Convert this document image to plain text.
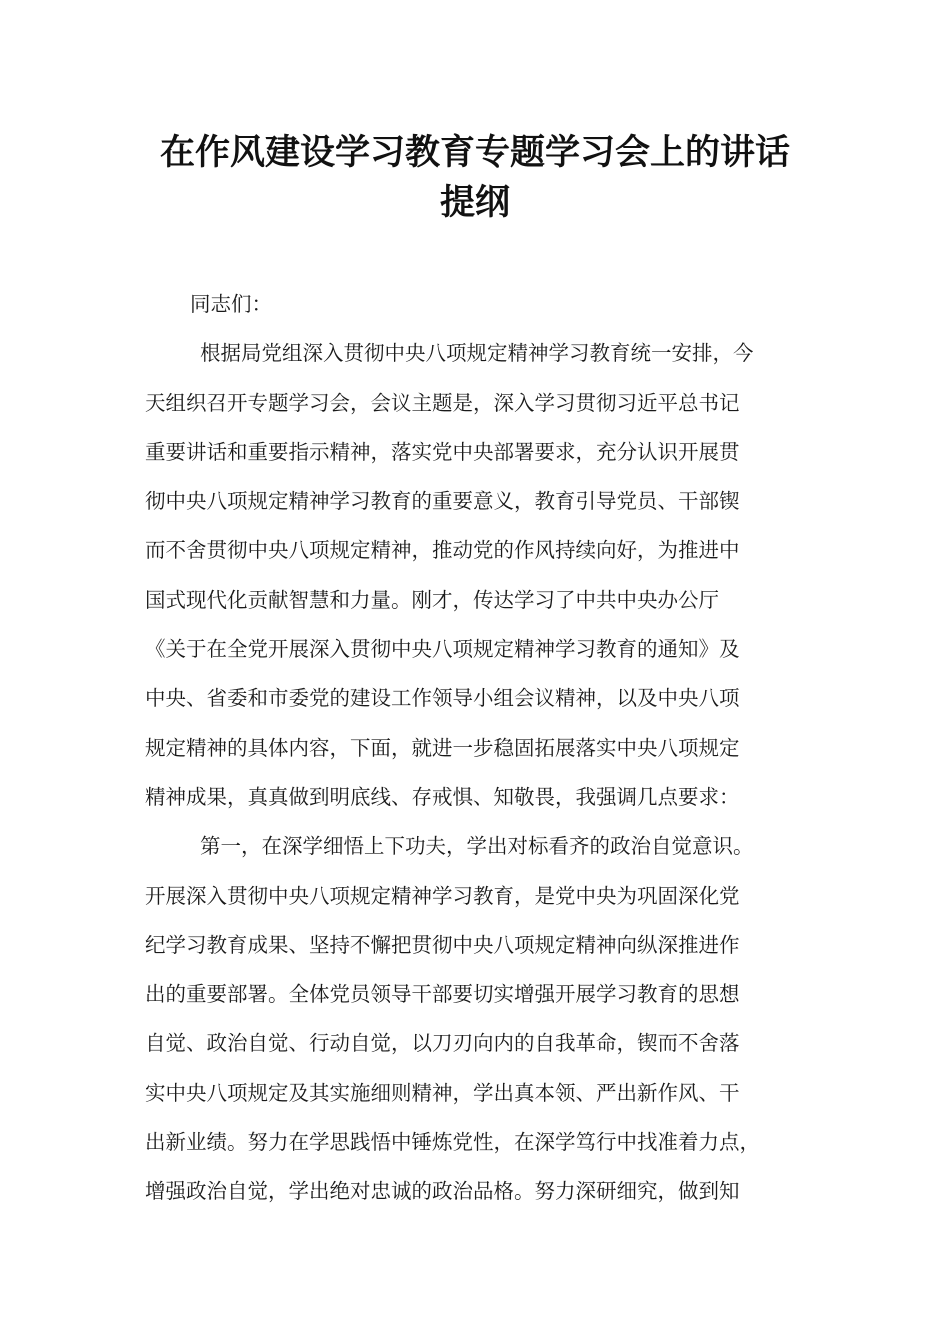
在作风建设学习教育专题学习会上的讲话
提纲
同志们：
根据局党组深入贯彻中央八项规定精神学习教育统一安排，今
天组织召开专题学习会，会议主题是，深入学习贯彻习近平总书记
重要讲话和重要指示精神，落实党中央部署要求，充分认识开展贯
彻中央八项规定精神学习教育的重要意义，教育引导党员、干部锲
而不舍贯彻中央八项规定精神，推动党的作风持续向好，为推进中
国式现代化贡献智慧和力量。刚才，传达学习了中共中央办公厅
《关于在全党开展深入贯彻中央八项规定精神学习教育的通知》及
中央、省委和市委党的建设工作领导小组会议精神，以及中央八项
规定精神的具体内容，下面，就进一步稳固拓展落实中央八项规定
精神成果，真真做到明底线、存戒惧、知敬畏，我强调几点要求：
第一，在深学细悟上下功夫，学出对标看齐的政治自觉意识。
开展深入贯彻中央八项规定精神学习教育，是党中央为巩固深化党
纪学习教育成果、坚持不懈把贯彻中央八项规定精神向纵深推进作
出的重要部署。全体党员领导干部要切实增强开展学习教育的思想
自觉、政治自觉、行动自觉，以刀刃向内的自我革命，锲而不舍落
实中央八项规定及其实施细则精神，学出真本领、严出新作风、干
出新业绩。努力在学思践悟中锤炼党性，在深学笃行中找准着力点，
增强政治自觉，学出绝对忠诚的政治品格。努力深研细究，做到知
